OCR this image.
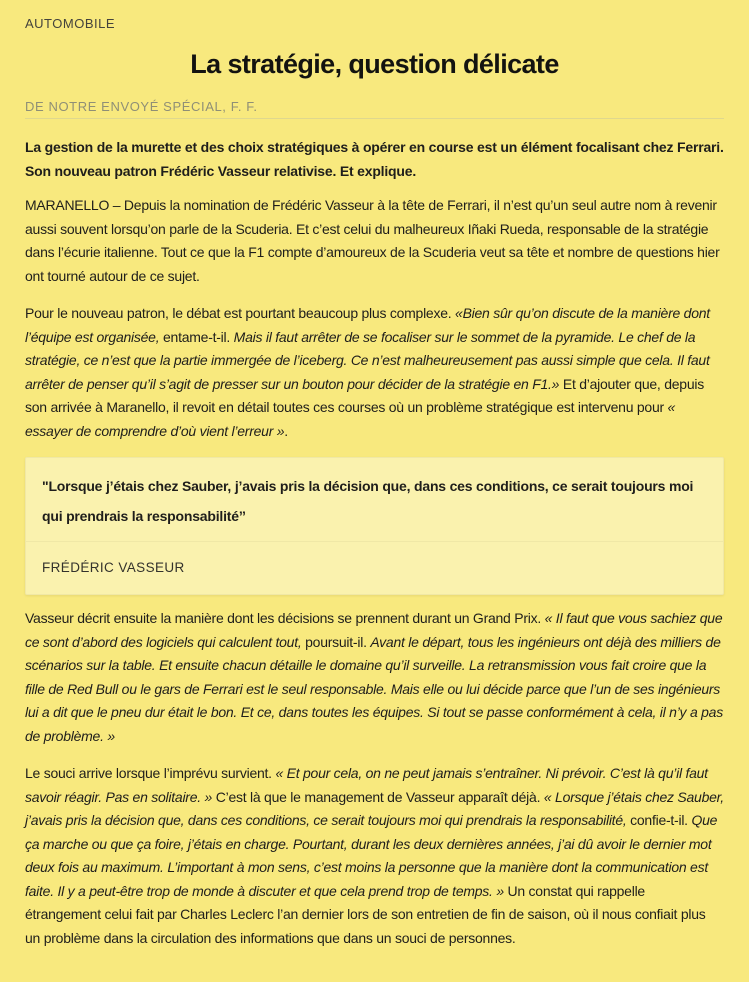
AUTOMOBILE
La stratégie, question délicate
DE NOTRE ENVOYÉ SPÉCIAL, F. F.

La gestion de la murette et des choix stratégiques à opérer en course est un élément focalisant chez Ferrari. Son nouveau patron Frédéric Vasseur relativise. Et explique.

MARANELLO – Depuis la nomination de Frédéric Vasseur à la tête de Ferrari, il n’est qu’un seul autre nom à revenir aussi souvent lorsqu’on parle de la Scuderia. Et c’est celui du malheureux Iñaki Rueda, responsable de la stratégie dans l’écurie italienne. Tout ce que la F1 compte d’amoureux de la Scuderia veut sa tête et nombre de questions hier ont tourné autour de ce sujet.

Pour le nouveau patron, le débat est pourtant beaucoup plus complexe. «Bien sûr qu’on discute de la manière dont l’équipe est organisée, entame-t-il. Mais il faut arrêter de se focaliser sur le sommet de la pyramide. Le chef de la stratégie, ce n’est que la partie immergée de l’iceberg. Ce n’est malheureusement pas aussi simple que cela. Il faut arrêter de penser qu’il s’agit de presser sur un bouton pour décider de la stratégie en F1.» Et d’ajouter que, depuis son arrivée à Maranello, il revoit en détail toutes ces courses où un problème stratégique est intervenu pour « essayer de comprendre d’où vient l’erreur ».

"Lorsque j’étais chez Sauber, j’avais pris la décision que, dans ces conditions, ce serait toujours moi qui prendrais la responsabilité’’

FRÉDÉRIC VASSEUR

Vasseur décrit ensuite la manière dont les décisions se prennent durant un Grand Prix. « Il faut que vous sachiez que ce sont d’abord des logiciels qui calculent tout, poursuit-il. Avant le départ, tous les ingénieurs ont déjà des milliers de scénarios sur la table. Et ensuite chacun détaille le domaine qu’il surveille. La retransmission vous fait croire que la fille de Red Bull ou le gars de Ferrari est le seul responsable. Mais elle ou lui décide parce que l’un de ses ingénieurs lui a dit que le pneu dur était le bon. Et ce, dans toutes les équipes. Si tout se passe conformément à cela, il n’y a pas de problème. »

Le souci arrive lorsque l’imprévu survient. « Et pour cela, on ne peut jamais s’entraîner. Ni prévoir. C’est là qu’il faut savoir réagir. Pas en solitaire. » C’est là que le management de Vasseur apparaît déjà. « Lorsque j’étais chez Sauber, j’avais pris la décision que, dans ces conditions, ce serait toujours moi qui prendrais la responsabilité, confie-t-il. Que ça marche ou que ça foire, j’étais en charge. Pourtant, durant les deux dernières années, j’ai dû avoir le dernier mot deux fois au maximum. L’important à mon sens, c’est moins la personne que la manière dont la communication est faite. Il y a peut-être trop de monde à discuter et que cela prend trop de temps. » Un constat qui rappelle étrangement celui fait par Charles Leclerc l’an dernier lors de son entretien de fin de saison, où il nous confiait plus un problème dans la circulation des informations que dans un souci de personnes.
